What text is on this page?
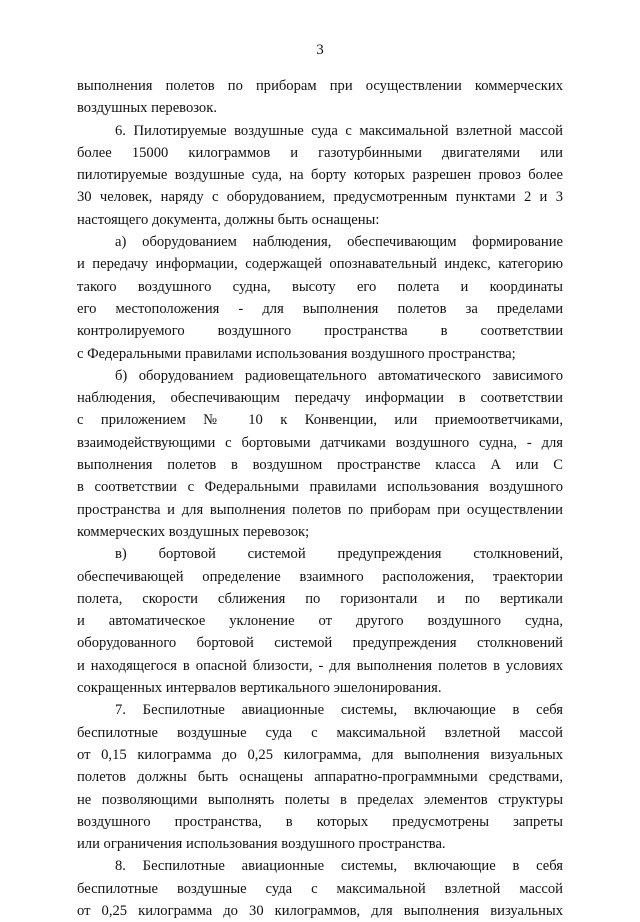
3

выполнения полетов по приборам при осуществлении коммерческих

воздушных перевозок.

6. Пилотируемые воздушные суда с максимальной взлетной массой

более 15000 килограммов и газотурбинными двигателями или

пилотируемые воздушные суда, на борту которых разрешен провоз более

30 человек, наряду с оборудованием, предусмотренным пунктами 2 и 3

настоящего документа, должны быть оснащены:

а) оборудованием наблюдения, обеспечивающим формирование

и передачу информации, содержащей опознавательный индекс, категорию

такого воздушного судна, высоту его полета и координаты

его местоположения - для выполнения полетов за пределами

контролируемого воздушного пространства в соответствии

с Федеральными правилами использования воздушного пространства;

б) оборудованием радиовещательного автоматического зависимого

наблюдения, обеспечивающим передачу информации в соответствии

с приложением № 10 к Конвенции, или приемоответчиками,

взаимодействующими с бортовыми датчиками воздушного судна, - для

выполнения полетов в воздушном пространстве класса А или С

в соответствии с Федеральными правилами использования воздушного

пространства и для выполнения полетов по приборам при осуществлении

коммерческих воздушных перевозок;

в) бортовой системой предупреждения столкновений,

обеспечивающей определение взаимного расположения, траектории

полета, скорости сближения по горизонтали и по вертикали

и автоматическое уклонение от другого воздушного судна,

оборудованного бортовой системой предупреждения столкновений

и находящегося в опасной близости, - для выполнения полетов в условиях

сокращенных интервалов вертикального эшелонирования.

7. Беспилотные авиационные системы, включающие в себя

беспилотные воздушные суда с максимальной взлетной массой

от 0,15 килограмма до 0,25 килограмма, для выполнения визуальных

полетов должны быть оснащены аппаратно-программными средствами,

не позволяющими выполнять полеты в пределах элементов структуры

воздушного пространства, в которых предусмотрены запреты

или ограничения использования воздушного пространства.

8. Беспилотные авиационные системы, включающие в себя

беспилотные воздушные суда с максимальной взлетной массой

от 0,25 килограмма до 30 килограммов, для выполнения визуальных
